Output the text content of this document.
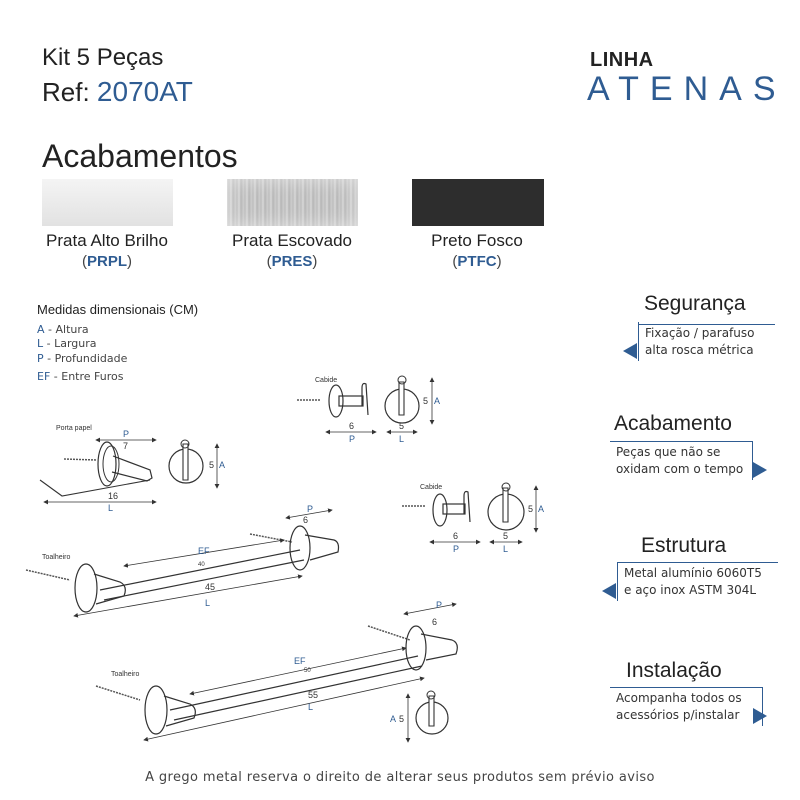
Kit 5 Peças
Ref: 2070AT
LINHA
ATENAS
Acabamentos
Prata Alto Brilho
(PRPL)
Prata Escovado
(PRES)
Preto Fosco
(PTFC)
Medidas dimensionais (CM)
A - Altura
L - Largura
P - Profundidade
EF - Entre Furos
Segurança
Fixação / parafuso
alta rosca métrica
Acabamento
Peças que não se
oxidam com o tempo
Estrutura
Metal alumínio 6060T5
e aço inox ASTM 304L
Instalação
Acompanha todos os
acessórios p/instalar
Cabide
6
P
5
L
5 A
Porta papel
P
7
16
L
5 A
Cabide
6
P
5
L
5 A
Toalheiro
P
6
EF
40
45
L
Toalheiro
P
6
EF
50
55
L
A 5
A grego metal reserva o direito de alterar seus produtos sem prévio aviso
